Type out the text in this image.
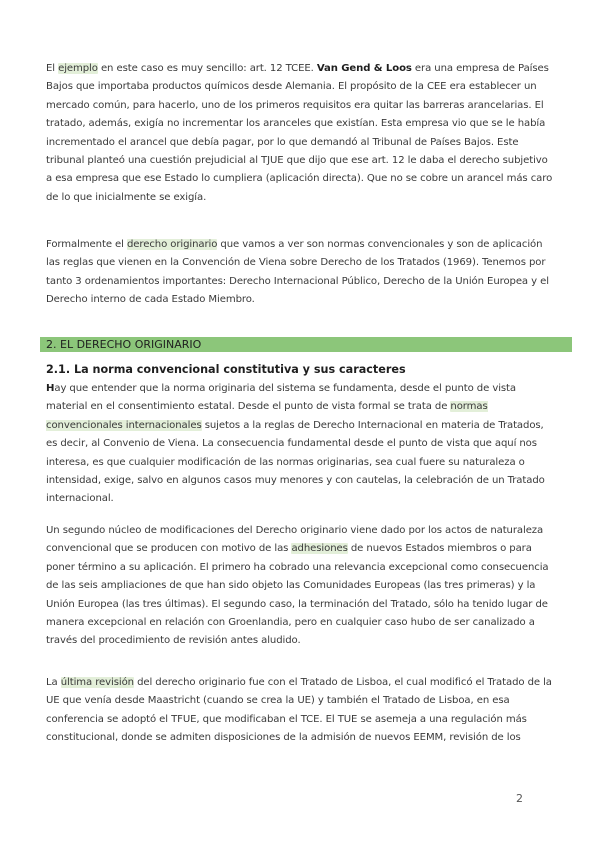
El ejemplo en este caso es muy sencillo: art. 12 TCEE. Van Gend & Loos era una empresa de Países Bajos que importaba productos químicos desde Alemania. El propósito de la CEE era establecer un mercado común, para hacerlo, uno de los primeros requisitos era quitar las barreras arancelarias. El tratado, además, exigía no incrementar los aranceles que existían. Esta empresa vio que se le había incrementado el arancel que debía pagar, por lo que demandó al Tribunal de Países Bajos. Este tribunal planteó una cuestión prejudicial al TJUE que dijo que ese art. 12 le daba el derecho subjetivo a esa empresa que ese Estado lo cumpliera (aplicación directa). Que no se cobre un arancel más caro de lo que inicialmente se exigía.

Formalmente el derecho originario que vamos a ver son normas convencionales y son de aplicación las reglas que vienen en la Convención de Viena sobre Derecho de los Tratados (1969). Tenemos por tanto 3 ordenamientos importantes: Derecho Internacional Público, Derecho de la Unión Europea y el Derecho interno de cada Estado Miembro.

2. EL DERECHO ORIGINARIO
2.1. La norma convencional constitutiva y sus caracteres

Hay que entender que la norma originaria del sistema se fundamenta, desde el punto de vista material en el consentimiento estatal. Desde el punto de vista formal se trata de normas convencionales internacionales sujetos a la reglas de Derecho Internacional en materia de Tratados, es decir, al Convenio de Viena. La consecuencia fundamental desde el punto de vista que aquí nos interesa, es que cualquier modificación de las normas originarias, sea cual fuere su naturaleza o intensidad, exige, salvo en algunos casos muy menores y con cautelas, la celebración de un Tratado internacional.

Un segundo núcleo de modificaciones del Derecho originario viene dado por los actos de naturaleza convencional que se producen con motivo de las adhesiones de nuevos Estados miembros o para poner término a su aplicación. El primero ha cobrado una relevancia excepcional como consecuencia de las seis ampliaciones de que han sido objeto las Comunidades Europeas (las tres primeras) y la Unión Europea (las tres últimas). El segundo caso, la terminación del Tratado, sólo ha tenido lugar de manera excepcional en relación con Groenlandia, pero en cualquier caso hubo de ser canalizado a través del procedimiento de revisión antes aludido.

La última revisión del derecho originario fue con el Tratado de Lisboa, el cual modificó el Tratado de la UE que venía desde Maastricht (cuando se crea la UE) y también el Tratado de Lisboa, en esa conferencia se adoptó el TFUE, que modificaban el TCE. El TUE se asemeja a una regulación más constitucional, donde se admiten disposiciones de la admisión de nuevos EEMM, revisión de los

2
